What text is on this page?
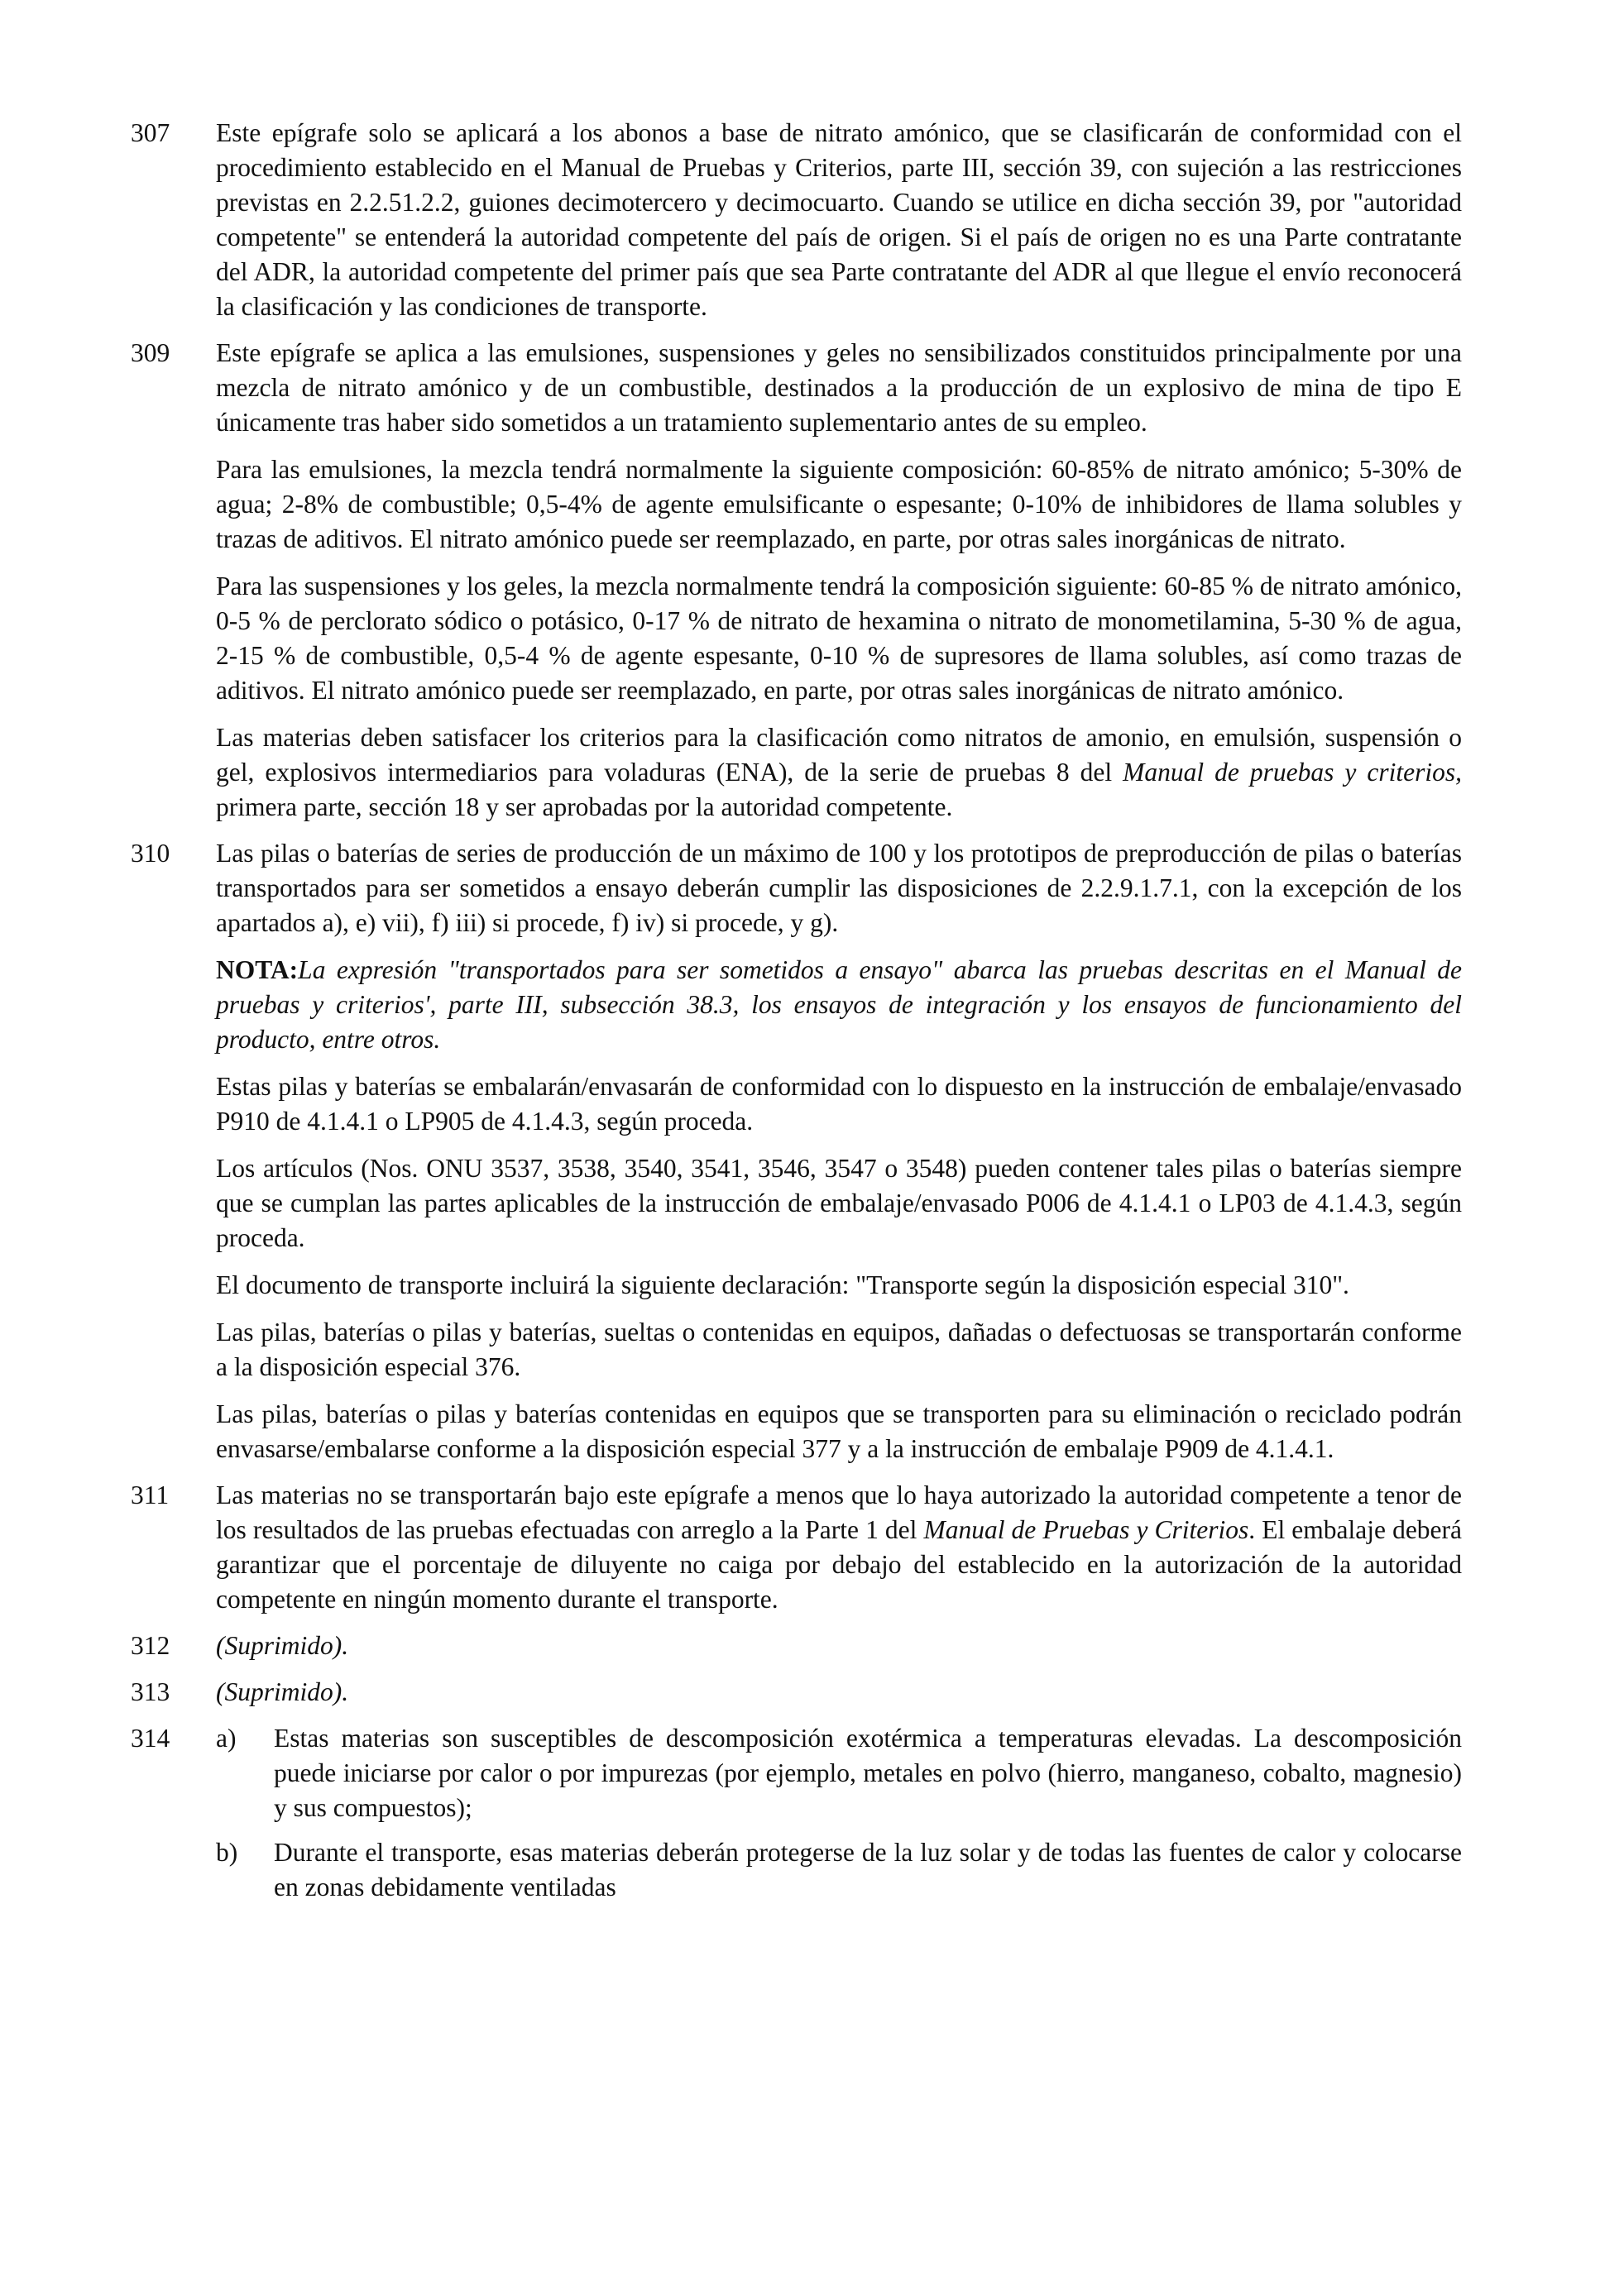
307	Este epígrafe solo se aplicará a los abonos a base de nitrato amónico, que se clasificarán de conformidad con el procedimiento establecido en el Manual de Pruebas y Criterios, parte III, sección 39, con sujeción a las restricciones previstas en 2.2.51.2.2, guiones decimotercero y decimocuarto. Cuando se utilice en dicha sección 39, por "autoridad competente" se entenderá la autoridad competente del país de origen. Si el país de origen no es una Parte contratante del ADR, la autoridad competente del primer país que sea Parte contratante del ADR al que llegue el envío reconocerá la clasificación y las condiciones de transporte.

309	Este epígrafe se aplica a las emulsiones, suspensiones y geles no sensibilizados constituidos principalmente por una mezcla de nitrato amónico y de un combustible, destinados a la producción de un explosivo de mina de tipo E únicamente tras haber sido sometidos a un tratamiento suplementario antes de su empleo.

Para las emulsiones, la mezcla tendrá normalmente la siguiente composición: 60-85% de nitrato amónico; 5-30% de agua; 2-8% de combustible; 0,5-4% de agente emulsificante o espesante; 0-10% de inhibidores de llama solubles y trazas de aditivos. El nitrato amónico puede ser reemplazado, en parte, por otras sales inorgánicas de nitrato.

Para las suspensiones y los geles, la mezcla normalmente tendrá la composición siguiente: 60-85 % de nitrato amónico, 0-5 % de perclorato sódico o potásico, 0-17 % de nitrato de hexamina o nitrato de monometilamina, 5-30 % de agua, 2-15 % de combustible, 0,5-4 % de agente espesante, 0-10 % de supresores de llama solubles, así como trazas de aditivos. El nitrato amónico puede ser reemplazado, en parte, por otras sales inorgánicas de nitrato amónico.

Las materias deben satisfacer los criterios para la clasificación como nitratos de amonio, en emulsión, suspensión o gel, explosivos intermediarios para voladuras (ENA), de la serie de pruebas 8 del Manual de pruebas y criterios, primera parte, sección 18 y ser aprobadas por la autoridad competente.

310	Las pilas o baterías de series de producción de un máximo de 100 y los prototipos de preproducción de pilas o baterías transportados para ser sometidos a ensayo deberán cumplir las disposiciones de 2.2.9.1.7.1, con la excepción de los apartados a), e) vii), f) iii) si procede, f) iv) si procede, y g).

NOTA:La expresión "transportados para ser sometidos a ensayo" abarca las pruebas descritas en el Manual de pruebas y criterios', parte III, subsección 38.3, los ensayos de integración y los ensayos de funcionamiento del producto, entre otros.

Estas pilas y baterías se embalarán/envasarán de conformidad con lo dispuesto en la instrucción de embalaje/envasado P910 de 4.1.4.1 o LP905 de 4.1.4.3, según proceda.

Los artículos (Nos. ONU 3537, 3538, 3540, 3541, 3546, 3547 o 3548) pueden contener tales pilas o baterías siempre que se cumplan las partes aplicables de la instrucción de embalaje/envasado P006 de 4.1.4.1 o LP03 de 4.1.4.3, según proceda.

El documento de transporte incluirá la siguiente declaración: "Transporte según la disposición especial 310".

Las pilas, baterías o pilas y baterías, sueltas o contenidas en equipos, dañadas o defectuosas se transportarán conforme a la disposición especial 376.

Las pilas, baterías o pilas y baterías contenidas en equipos que se transporten para su eliminación o reciclado podrán envasarse/embalarse conforme a la disposición especial 377 y a la instrucción de embalaje P909 de 4.1.4.1.

311	Las materias no se transportarán bajo este epígrafe a menos que lo haya autorizado la autoridad competente a tenor de los resultados de las pruebas efectuadas con arreglo a la Parte 1 del Manual de Pruebas y Criterios. El embalaje deberá garantizar que el porcentaje de diluyente no caiga por debajo del establecido en la autorización de la autoridad competente en ningún momento durante el transporte.

312	(Suprimido).

313	(Suprimido).

314	a)	Estas materias son susceptibles de descomposición exotérmica a temperaturas elevadas. La descomposición puede iniciarse por calor o por impurezas (por ejemplo, metales en polvo (hierro, manganeso, cobalto, magnesio) y sus compuestos);
b)	Durante el transporte, esas materias deberán protegerse de la luz solar y de todas las fuentes de calor y colocarse en zonas debidamente ventiladas
